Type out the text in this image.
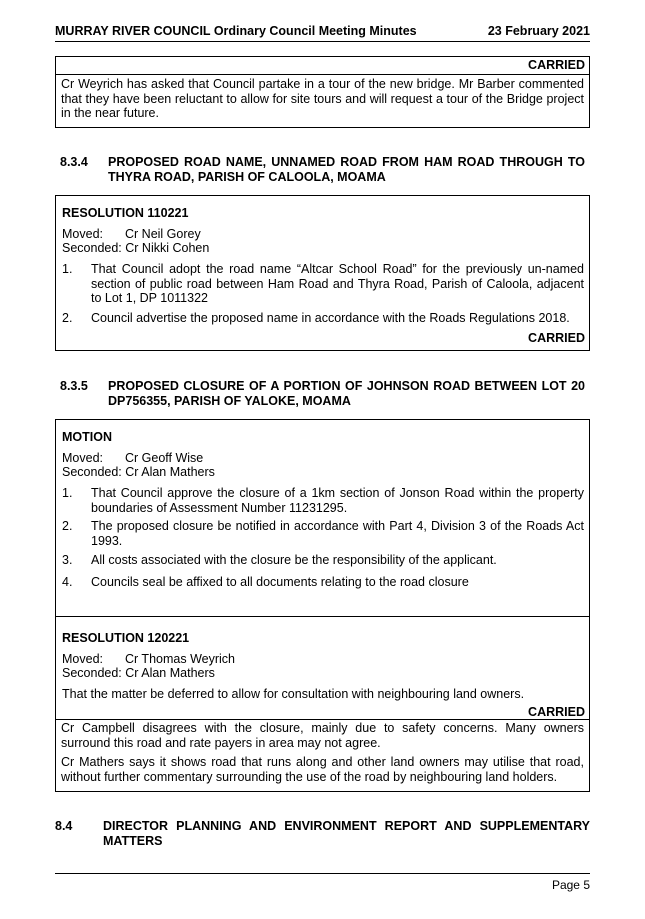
MURRAY RIVER COUNCIL Ordinary Council Meeting Minutes	23 February 2021
CARRIED
Cr Weyrich has asked that Council partake in a tour of the new bridge. Mr Barber commented that they have been reluctant to allow for site tours and will request a tour of the Bridge project in the near future.
8.3.4 PROPOSED ROAD NAME, UNNAMED ROAD FROM HAM ROAD THROUGH TO THYRA ROAD, PARISH OF CALOOLA, MOAMA
RESOLUTION 110221
Moved: Cr Neil Gorey
Seconded: Cr Nikki Cohen
1. That Council adopt the road name “Altcar School Road” for the previously un-named section of public road between Ham Road and Thyra Road, Parish of Caloola, adjacent to Lot 1, DP 1011322
2. Council advertise the proposed name in accordance with the Roads Regulations 2018.
CARRIED
8.3.5 PROPOSED CLOSURE OF A PORTION OF JOHNSON ROAD BETWEEN LOT 20 DP756355, PARISH OF YALOKE, MOAMA
MOTION
Moved: Cr Geoff Wise
Seconded: Cr Alan Mathers
1. That Council approve the closure of a 1km section of Jonson Road within the property boundaries of Assessment Number 11231295.
2. The proposed closure be notified in accordance with Part 4, Division 3 of the Roads Act 1993.
3. All costs associated with the closure be the responsibility of the applicant.
4. Councils seal be affixed to all documents relating to the road closure
RESOLUTION 120221
Moved: Cr Thomas Weyrich
Seconded: Cr Alan Mathers
That the matter be deferred to allow for consultation with neighbouring land owners.
CARRIED
Cr Campbell disagrees with the closure, mainly due to safety concerns. Many owners surround this road and rate payers in area may not agree.
Cr Mathers says it shows road that runs along and other land owners may utilise that road, without further commentary surrounding the use of the road by neighbouring land holders.
8.4 DIRECTOR PLANNING AND ENVIRONMENT REPORT AND SUPPLEMENTARY MATTERS
Page 5
